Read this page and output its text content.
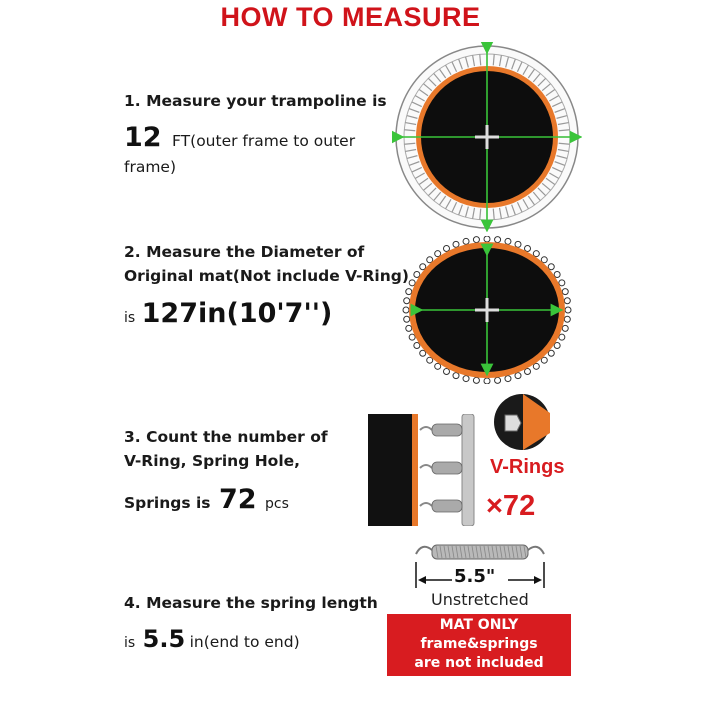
HOW TO MEASURE
1. Measure your trampoline is
12 FT(outer frame to outer
frame)
2. Measure the Diameter of
Original mat(Not include V-Ring)
is 127in(10'7'')
3. Count the number of
V-Ring, Spring Hole,
Springs is 72 pcs
4. Measure the spring length
is 5.5 in(end to end)
V-Rings
×72
5.5"
Unstretched
MAT ONLY
frame&springs
are not included
